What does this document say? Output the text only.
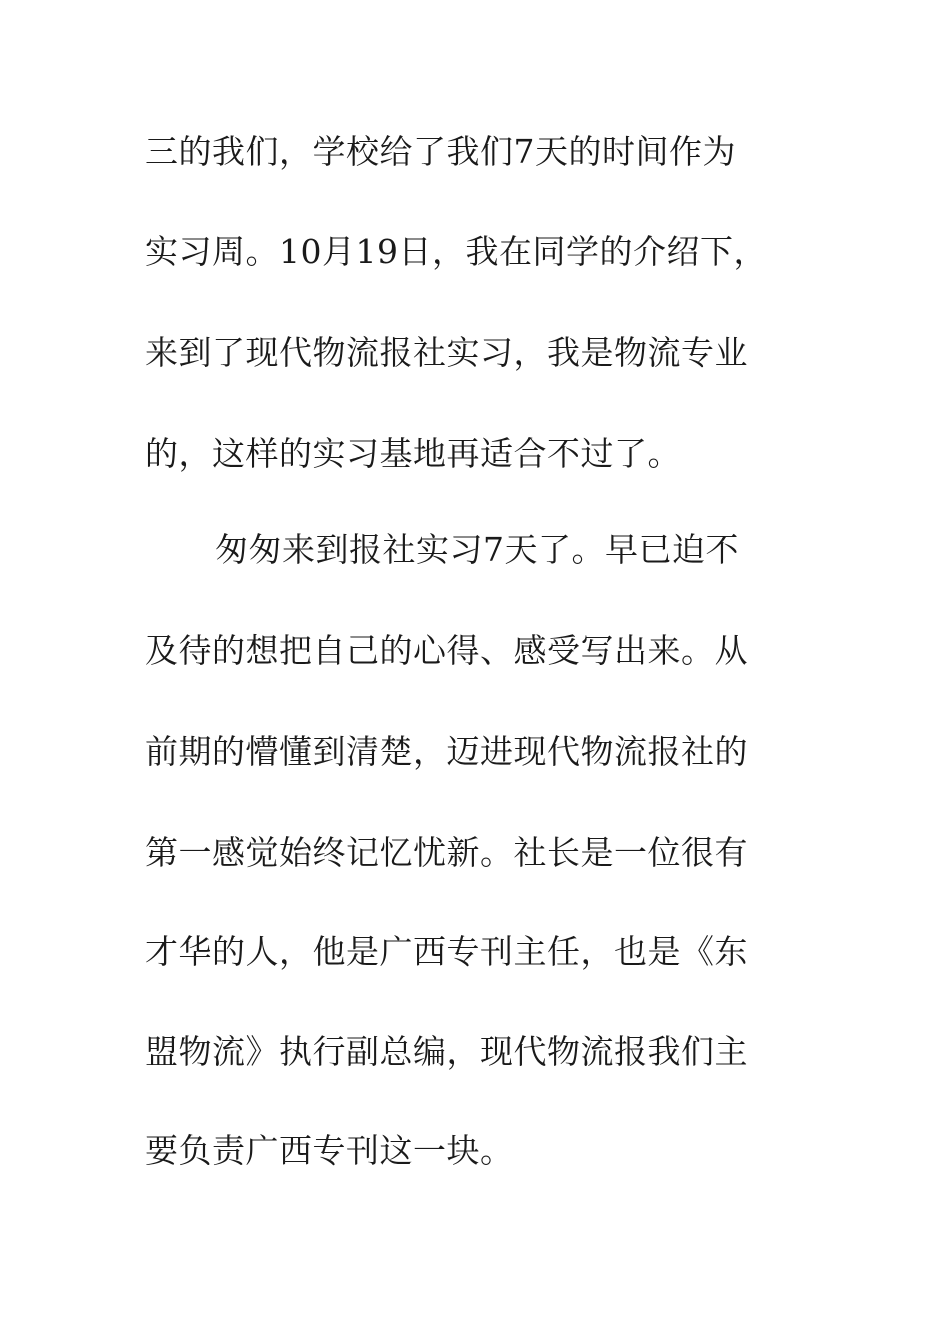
三的我们，学校给了我们7天的时间作为
实习周。10月19日，我在同学的介绍下，
来到了现代物流报社实习，我是物流专业
的，这样的实习基地再适合不过了。
匆匆来到报社实习7天了。早已迫不
及待的想把自己的心得、感受写出来。从
前期的懵懂到清楚，迈进现代物流报社的
第一感觉始终记忆忧新。社长是一位很有
才华的人，他是广西专刊主任，也是《东
盟物流》执行副总编，现代物流报我们主
要负责广西专刊这一块。
